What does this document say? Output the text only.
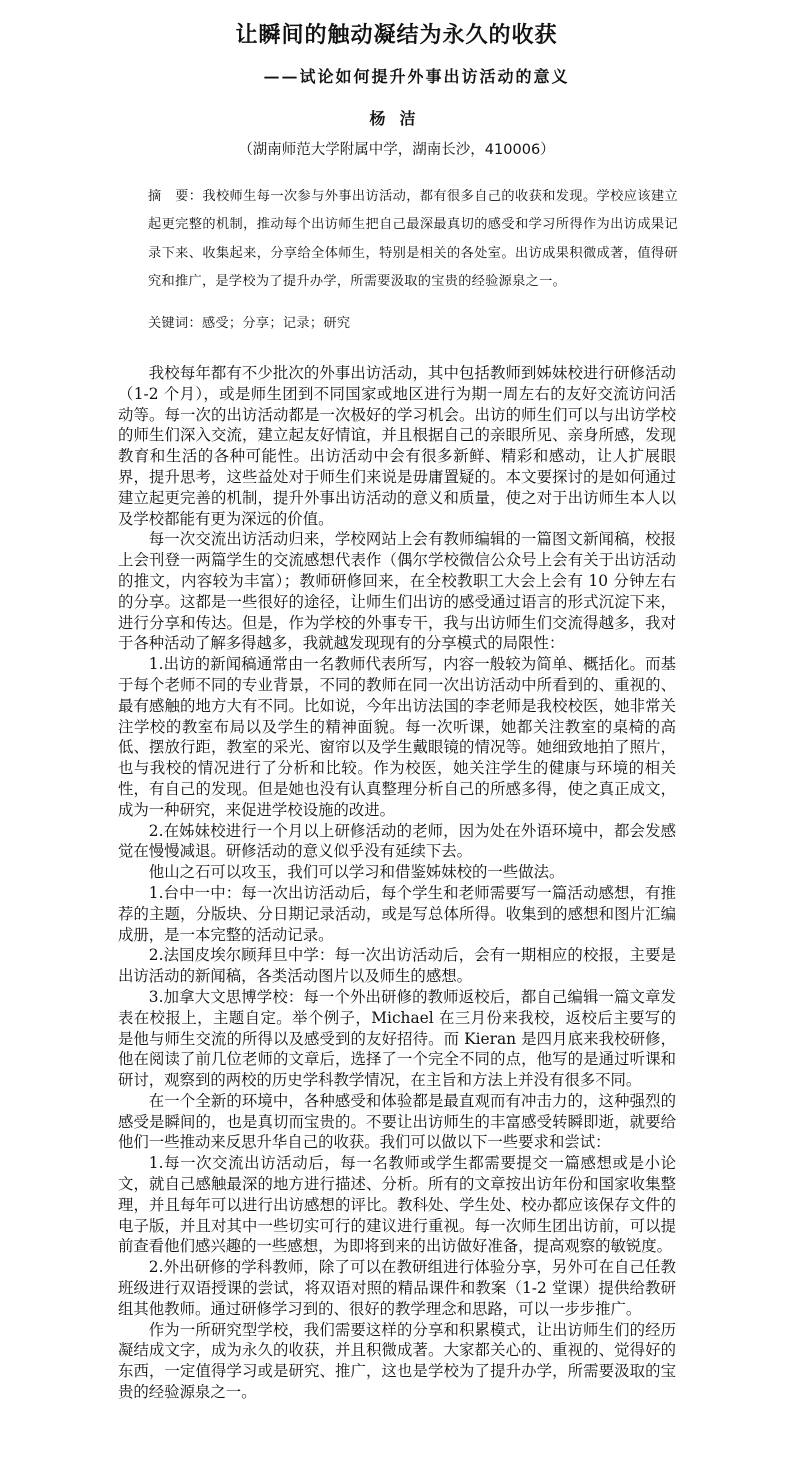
让瞬间的触动凝结为永久的收获
——试论如何提升外事出访活动的意义
杨洁
（湖南师范大学附属中学，湖南长沙，410006）
摘　要：我校师生每一次参与外事出访活动，都有很多自己的收获和发现。学校应该建立起更完整的机制，推动每个出访师生把自己最深最真切的感受和学习所得作为出访成果记录下来、收集起来，分享给全体师生，特别是相关的各处室。出访成果积微成著，值得研究和推广，是学校为了提升办学，所需要汲取的宝贵的经验源泉之一。
关键词：感受；分享；记录；研究

我校每年都有不少批次的外事出访活动，其中包括教师到姊妹校进行研修活动（1-2 个月），或是师生团到不同国家或地区进行为期一周左右的友好交流访问活动等。每一次的出访活动都是一次极好的学习机会。出访的师生们可以与出访学校的师生们深入交流，建立起友好情谊，并且根据自己的亲眼所见、亲身所感，发现教育和生活的各种可能性。出访活动中会有很多新鲜、精彩和感动，让人扩展眼界，提升思考，这些益处对于师生们来说是毋庸置疑的。本文要探讨的是如何通过建立起更完善的机制，提升外事出访活动的意义和质量，使之对于出访师生本人以及学校都能有更为深远的价值。

每一次交流出访活动归来，学校网站上会有教师编辑的一篇图文新闻稿，校报上会刊登一两篇学生的交流感想代表作（偶尔学校微信公众号上会有关于出访活动的推文，内容较为丰富）；教师研修回来，在全校教职工大会上会有 10 分钟左右的分享。这都是一些很好的途径，让师生们出访的感受通过语言的形式沉淀下来，进行分享和传达。但是，作为学校的外事专干，我与出访师生们交流得越多，我对于各种活动了解多得越多，我就越发现现有的分享模式的局限性：

1.出访的新闻稿通常由一名教师代表所写，内容一般较为简单、概括化。而基于每个老师不同的专业背景，不同的教师在同一次出访活动中所看到的、重视的、最有感触的地方大有不同。比如说，今年出访法国的李老师是我校校医，她非常关注学校的教室布局以及学生的精神面貌。每一次听课，她都关注教室的桌椅的高低、摆放行距，教室的采光、窗帘以及学生戴眼镜的情况等。她细致地拍了照片，也与我校的情况进行了分析和比较。作为校医，她关注学生的健康与环境的相关性，有自己的发现。但是她也没有认真整理分析自己的所感多得，使之真正成文，成为一种研究，来促进学校设施的改进。

2.在姊妹校进行一个月以上研修活动的老师，因为处在外语环境中，都会发感觉在慢慢减退。研修活动的意义似乎没有延续下去。

他山之石可以攻玉，我们可以学习和借鉴姊妹校的一些做法。

1.台中一中：每一次出访活动后，每个学生和老师需要写一篇活动感想，有推荐的主题，分版块、分日期记录活动，或是写总体所得。收集到的感想和图片汇编成册，是一本完整的活动记录。

2.法国皮埃尔顾拜旦中学：每一次出访活动后，会有一期相应的校报，主要是出访活动的新闻稿，各类活动图片以及师生的感想。

3.加拿大文思博学校：每一个外出研修的教师返校后，都自己编辑一篇文章发表在校报上，主题自定。举个例子，Michael 在三月份来我校，返校后主要写的是他与师生交流的所得以及感受到的友好招待。而 Kieran 是四月底来我校研修，他在阅读了前几位老师的文章后，选择了一个完全不同的点，他写的是通过听课和研讨，观察到的两校的历史学科教学情况，在主旨和方法上并没有很多不同。

在一个全新的环境中，各种感受和体验都是最直观而有冲击力的，这种强烈的感受是瞬间的，也是真切而宝贵的。不要让出访师生的丰富感受转瞬即逝，就要给他们一些推动来反思升华自己的收获。我们可以做以下一些要求和尝试：

1.每一次交流出访活动后，每一名教师或学生都需要提交一篇感想或是小论文，就自己感触最深的地方进行描述、分析。所有的文章按出访年份和国家收集整理，并且每年可以进行出访感想的评比。教科处、学生处、校办都应该保存文件的电子版，并且对其中一些切实可行的建议进行重视。每一次师生团出访前，可以提前查看他们感兴趣的一些感想，为即将到来的出访做好准备，提高观察的敏锐度。

2.外出研修的学科教师，除了可以在教研组进行体验分享，另外可在自己任教班级进行双语授课的尝试，将双语对照的精品课件和教案（1-2 堂课）提供给教研组其他教师。通过研修学习到的、很好的教学理念和思路，可以一步步推广。

作为一所研究型学校，我们需要这样的分享和积累模式，让出访师生们的经历凝结成文字，成为永久的收获，并且积微成著。大家都关心的、重视的、觉得好的东西，一定值得学习或是研究、推广，这也是学校为了提升办学，所需要汲取的宝贵的经验源泉之一。
